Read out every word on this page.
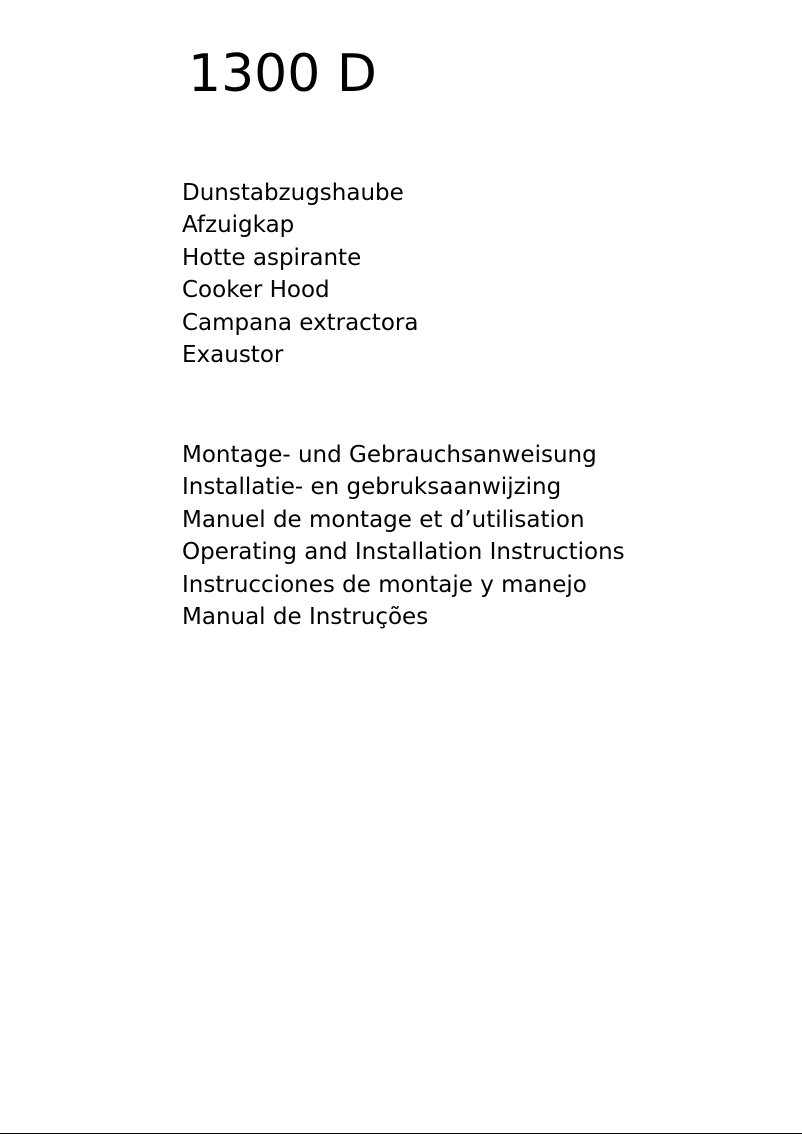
1300 D
Dunstabzugshaube
Afzuigkap
Hotte aspirante
Cooker Hood
Campana extractora
Exaustor
Montage- und Gebrauchsanweisung
Installatie- en gebruksaanwijzing
Manuel de montage et d’utilisation
Operating and Installation Instructions
Instrucciones de montaje y manejo
Manual de Instruções
